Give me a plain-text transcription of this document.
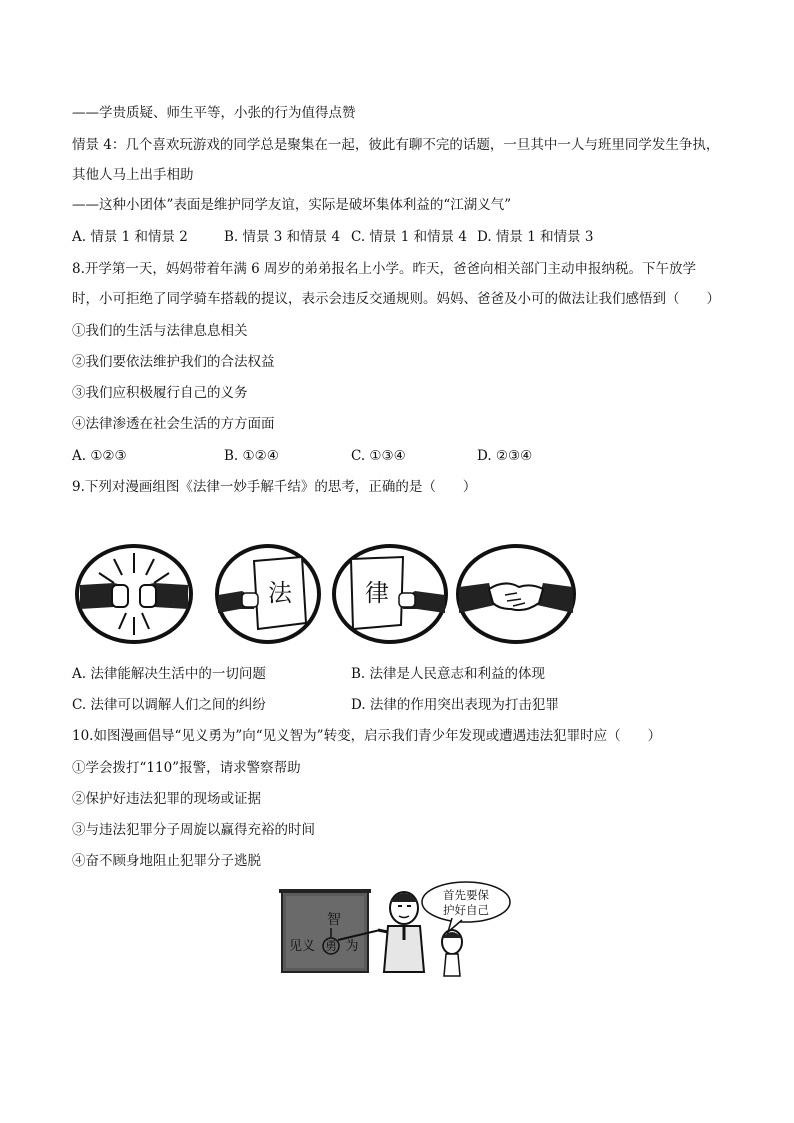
——学贵质疑、师生平等，小张的行为值得点赞
情景 4：几个喜欢玩游戏的同学总是聚集在一起，彼此有聊不完的话题，一旦其中一人与班里同学发生争执，
其他人马上出手相助
——这种小团体”表面是维护同学友谊，实际是破坏集体利益的“江湖义气”
A. 情景 1 和情景 2	B. 情景 3 和情景 4 C. 情景 1 和情景 4 D. 情景 1 和情景 3
8.开学第一天，妈妈带着年满 6 周岁的弟弟报名上小学。昨天，爸爸向相关部门主动申报纳税。下午放学
时，小可拒绝了同学骑车搭载的提议，表示会违反交通规则。妈妈、爸爸及小可的做法让我们感悟到（　　）
①我们的生活与法律息息相关
②我们要依法维护我们的合法权益
③我们应积极履行自己的义务
④法律渗透在社会生活的方方面面
A. ①②③	B. ①②④	C. ①③④	D. ②③④
9.下列对漫画组图《法律一妙手解千结》的思考，正确的是（　　）
法	律
A. 法律能解决生活中的一切问题	B. 法律是人民意志和利益的体现
C. 法律可以调解人们之间的纠纷	D. 法律的作用突出表现为打击犯罪
10.如图漫画倡导“见义勇为”向“见义智为”转变，启示我们青少年发现或遭遇违法犯罪时应（　　）
①学会拨打“110”报警，请求警察帮助
②保护好违法犯罪的现场或证据
③与违法犯罪分子周旋以赢得充裕的时间
④奋不顾身地阻止犯罪分子逃脱
智
见义 勇 为
首先要保
护好自己
